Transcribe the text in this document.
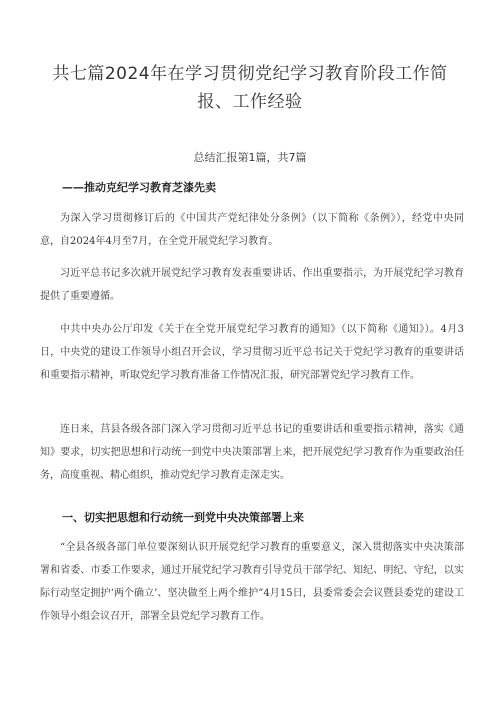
共七篇2024年在学习贯彻党纪学习教育阶段工作简报、工作经验
总结汇报第1篇，共7篇
——推动克纪学习教育芝漆先卖
为深入学习贯彻修订后的《中国共产党纪律处分条例》（以下简称《条例》），经党中央同意，自2024年4月至7月，在全党开展党纪学习教育。
习近平总书记多次就开展党纪学习教育发表重要讲话、作出重要指示，为开展党纪学习教育提供了重要遵循。
中共中央办公厅印发《关于在全党开展党纪学习教育的通知》（以下简称《通知》）。4月3日，中央党的建设工作领导小组召开会议，学习贯彻习近平总书记关于党纪学习教育的重要讲话和重要指示精神，听取党纪学习教育准备工作情况汇报，研究部署党纪学习教育工作。
连日来，莒县各级各部门深入学习贯彻习近平总书记的重要讲话和重要指示精神，落实《通知》要求，切实把思想和行动统一到党中央决策部署上来，把开展党纪学习教育作为重要政治任务，高度重视、精心组织，推动党纪学习教育走深走实。
一、切实把思想和行动统一到党中央决策部署上来
“全县各级各部门单位要深刻认识开展党纪学习教育的重要意义，深入贯彻落实中央决策部署和省委、市委工作要求，通过开展党纪学习教育引导党员干部学纪、知纪、明纪、守纪，以实际行动坚定拥护‘两个确立’、坚决做至上两个维护”4月15日，县委常委会会议暨县委党的建设工作领导小组会议召开，部署全县党纪学习教育工作。
